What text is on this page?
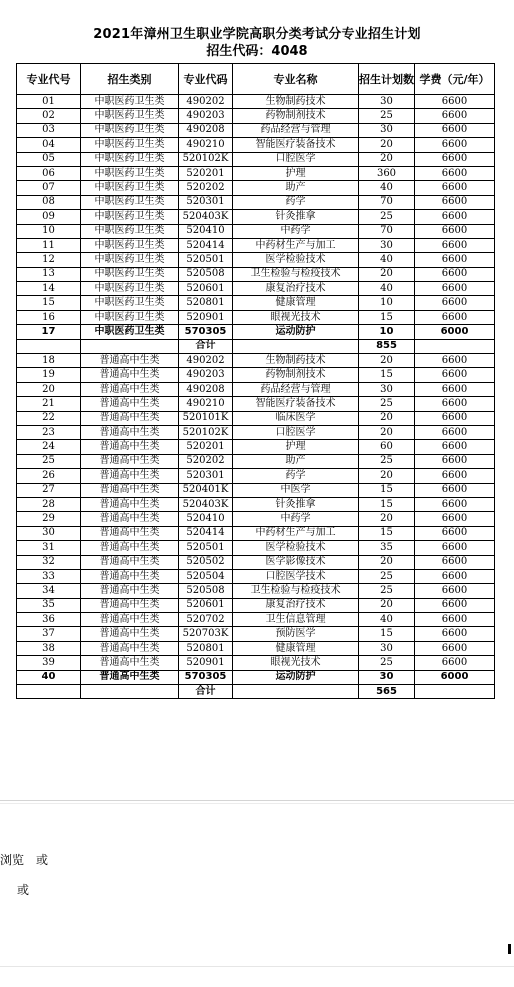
2021年漳州卫生职业学院高职分类考试分专业招生计划
招生代码：4048
专业代号	招生类别	专业代码	专业名称	招生计划数	学费（元/年）
01	中职医药卫生类	490202	生物制药技术	30	6600
02	中职医药卫生类	490203	药物制剂技术	25	6600
03	中职医药卫生类	490208	药品经营与管理	30	6600
04	中职医药卫生类	490210	智能医疗装备技术	20	6600
05	中职医药卫生类	520102K	口腔医学	20	6600
06	中职医药卫生类	520201	护理	360	6600
07	中职医药卫生类	520202	助产	40	6600
08	中职医药卫生类	520301	药学	70	6600
09	中职医药卫生类	520403K	针灸推拿	25	6600
10	中职医药卫生类	520410	中药学	70	6600
11	中职医药卫生类	520414	中药材生产与加工	30	6600
12	中职医药卫生类	520501	医学检验技术	40	6600
13	中职医药卫生类	520508	卫生检验与检疫技术	20	6600
14	中职医药卫生类	520601	康复治疗技术	40	6600
15	中职医药卫生类	520801	健康管理	10	6600
16	中职医药卫生类	520901	眼视光技术	15	6600
17	中职医药卫生类	570305	运动防护	10	6000
		合计		855	
18	普通高中生类	490202	生物制药技术	20	6600
19	普通高中生类	490203	药物制剂技术	15	6600
20	普通高中生类	490208	药品经营与管理	30	6600
21	普通高中生类	490210	智能医疗装备技术	25	6600
22	普通高中生类	520101K	临床医学	20	6600
23	普通高中生类	520102K	口腔医学	20	6600
24	普通高中生类	520201	护理	60	6600
25	普通高中生类	520202	助产	25	6600
26	普通高中生类	520301	药学	20	6600
27	普通高中生类	520401K	中医学	15	6600
28	普通高中生类	520403K	针灸推拿	15	6600
29	普通高中生类	520410	中药学	20	6600
30	普通高中生类	520414	中药材生产与加工	15	6600
31	普通高中生类	520501	医学检验技术	35	6600
32	普通高中生类	520502	医学影像技术	20	6600
33	普通高中生类	520504	口腔医学技术	25	6600
34	普通高中生类	520508	卫生检验与检疫技术	25	6600
35	普通高中生类	520601	康复治疗技术	20	6600
36	普通高中生类	520702	卫生信息管理	40	6600
37	普通高中生类	520703K	预防医学	15	6600
38	普通高中生类	520801	健康管理	30	6600
39	普通高中生类	520901	眼视光技术	25	6600
40	普通高中生类	570305	运动防护	30	6000
		合计		565	
浏览　或
或
